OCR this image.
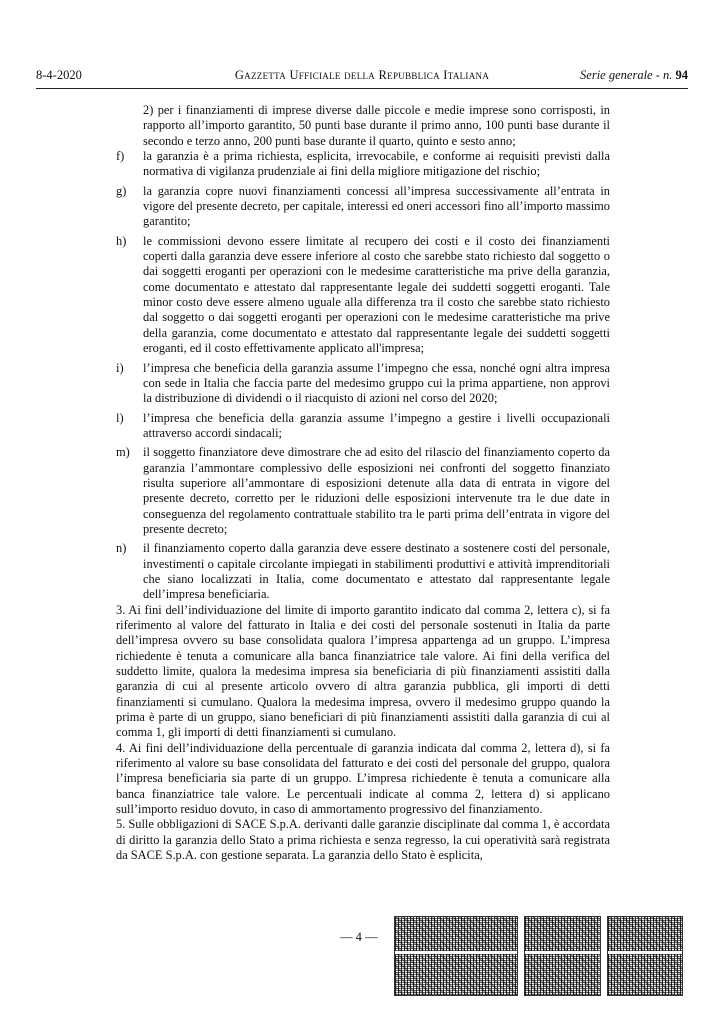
8-4-2020	Gazzetta Ufficiale della Repubblica Italiana	Serie generale - n. 94

2) per i finanziamenti di imprese diverse dalle piccole e medie imprese sono corrisposti, in rapporto all’importo garantito, 50 punti base durante il primo anno, 100 punti base durante il secondo e terzo anno, 200 punti base durante il quarto, quinto e sesto anno;

f)	la garanzia è a prima richiesta, esplicita, irrevocabile, e conforme ai requisiti previsti dalla normativa di vigilanza prudenziale ai fini della migliore mitigazione del rischio;
g)	la garanzia copre nuovi finanziamenti concessi all’impresa successivamente all’entrata in vigore del presente decreto, per capitale, interessi ed oneri accessori fino all’importo massimo garantito;
h)	le commissioni devono essere limitate al recupero dei costi e il costo dei finanziamenti coperti dalla garanzia deve essere inferiore al costo che sarebbe stato richiesto dal soggetto o dai soggetti eroganti per operazioni con le medesime caratteristiche ma prive della garanzia, come documentato e attestato dal rappresentante legale dei suddetti soggetti eroganti. Tale minor costo deve essere almeno uguale alla differenza tra il costo che sarebbe stato richiesto dal soggetto o dai soggetti eroganti per operazioni con le medesime caratteristiche ma prive della garanzia, come documentato e attestato dal rappresentante legale dei suddetti soggetti eroganti, ed il costo effettivamente applicato all'impresa;
i)	l’impresa che beneficia della garanzia assume l’impegno che essa, nonché ogni altra impresa con sede in Italia che faccia parte del medesimo gruppo cui la prima appartiene, non approvi la distribuzione di dividendi o il riacquisto di azioni nel corso del 2020;
l)	l’impresa che beneficia della garanzia assume l’impegno a gestire i livelli occupazionali attraverso accordi sindacali;
m)	il soggetto finanziatore deve dimostrare che ad esito del rilascio del finanziamento coperto da garanzia l’ammontare complessivo delle esposizioni nei confronti del soggetto finanziato risulta superiore all’ammontare di esposizioni detenute alla data di entrata in vigore del presente decreto, corretto per le riduzioni delle esposizioni intervenute tra le due date in conseguenza del regolamento contrattuale stabilito tra le parti prima dell’entrata in vigore del presente decreto;
n)	il finanziamento coperto dalla garanzia deve essere destinato a sostenere costi del personale, investimenti o capitale circolante impiegati in stabilimenti produttivi e attività imprenditoriali che siano localizzati in Italia, come documentato e attestato dal rappresentante legale dell’impresa beneficiaria.

3. Ai fini dell’individuazione del limite di importo garantito indicato dal comma 2, lettera c), si fa riferimento al valore del fatturato in Italia e dei costi del personale sostenuti in Italia da parte dell’impresa ovvero su base consolidata qualora l’impresa appartenga ad un gruppo. L’impresa richiedente è tenuta a comunicare alla banca finanziatrice tale valore. Ai fini della verifica del suddetto limite, qualora la medesima impresa sia beneficiaria di più finanziamenti assistiti dalla garanzia di cui al presente articolo ovvero di altra garanzia pubblica, gli importi di detti finanziamenti si cumulano. Qualora la medesima impresa, ovvero il medesimo gruppo quando la prima è parte di un gruppo, siano beneficiari di più finanziamenti assistiti dalla garanzia di cui al comma 1, gli importi di detti finanziamenti si cumulano.

4. Ai fini dell’individuazione della percentuale di garanzia indicata dal comma 2, lettera d), si fa riferimento al valore su base consolidata del fatturato e dei costi del personale del gruppo, qualora l’impresa beneficiaria sia parte di un gruppo. L’impresa richiedente è tenuta a comunicare alla banca finanziatrice tale valore. Le percentuali indicate al comma 2, lettera d) si applicano sull’importo residuo dovuto, in caso di ammortamento progressivo del finanziamento.

5. Sulle obbligazioni di SACE S.p.A. derivanti dalle garanzie disciplinate dal comma 1, è accordata di diritto la garanzia dello Stato a prima richiesta e senza regresso, la cui operatività sarà registrata da SACE S.p.A. con gestione separata. La garanzia dello Stato è esplicita,

— 4 —
